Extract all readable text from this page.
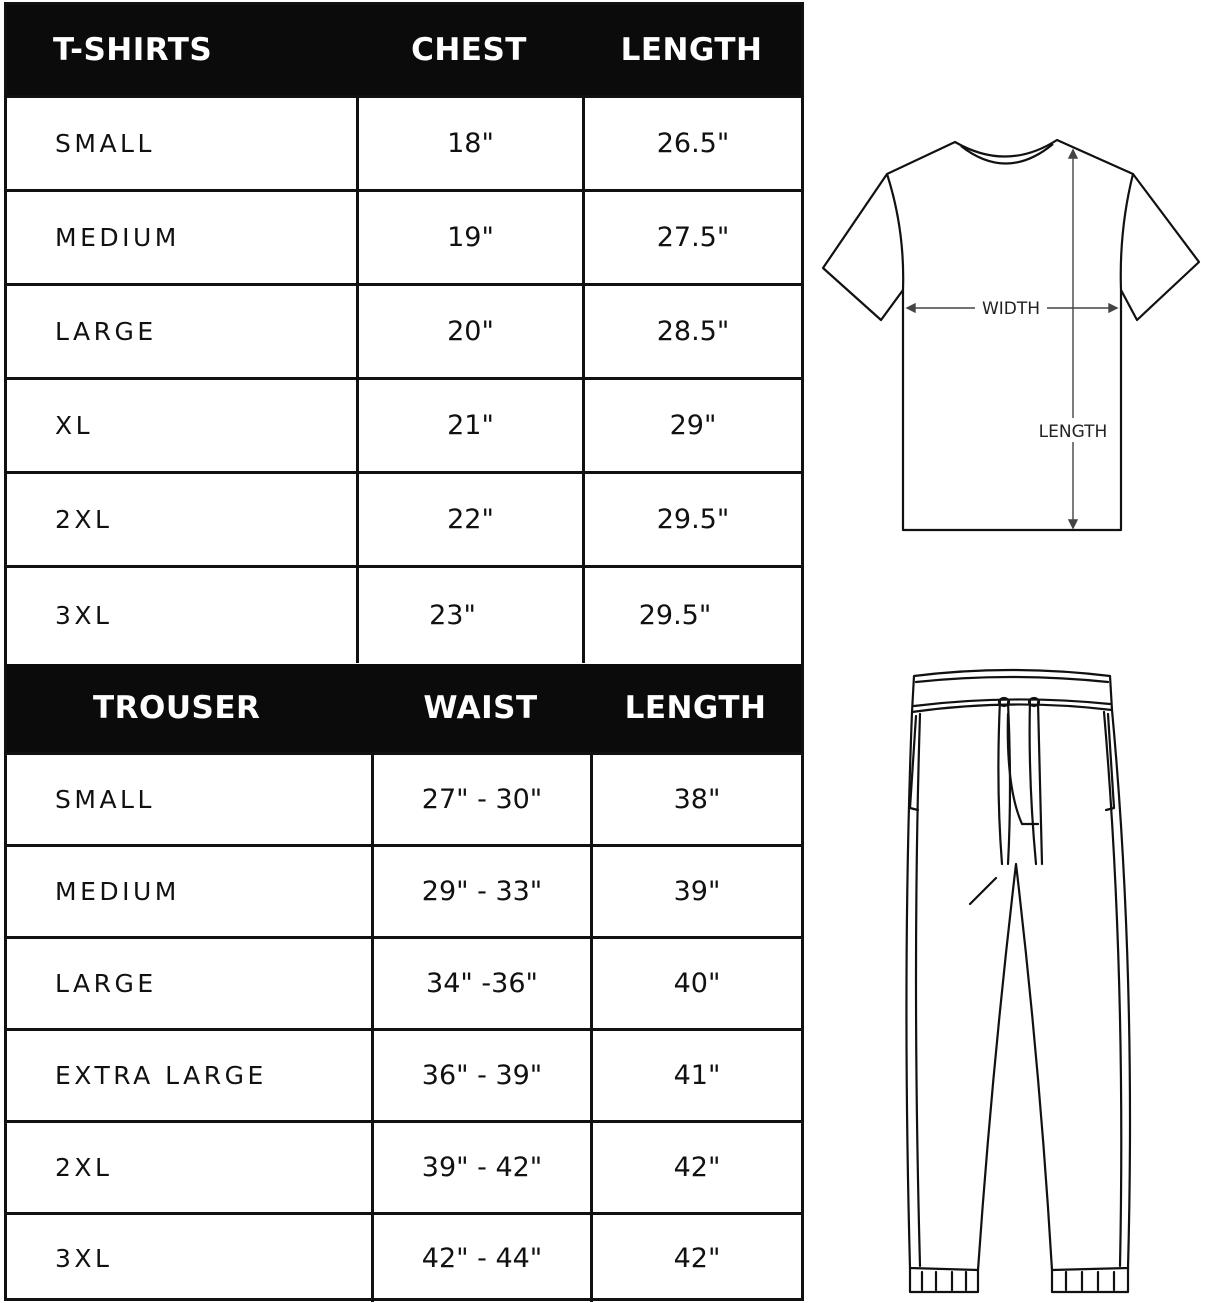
T-SHIRTS	CHEST	LENGTH
SMALL	18"	26.5"
MEDIUM	19"	27.5"
LARGE	20"	28.5"
XL	21"	29"
2XL	22"	29.5"
3XL	23"	29.5"
TROUSER	WAIST	LENGTH
SMALL	27" - 30"	38"
MEDIUM	29" - 33"	39"
LARGE	34" -36"	40"
EXTRA LARGE	36" - 39"	41"
2XL	39" - 42"	42"
3XL	42" - 44"	42"
WIDTH
LENGTH
